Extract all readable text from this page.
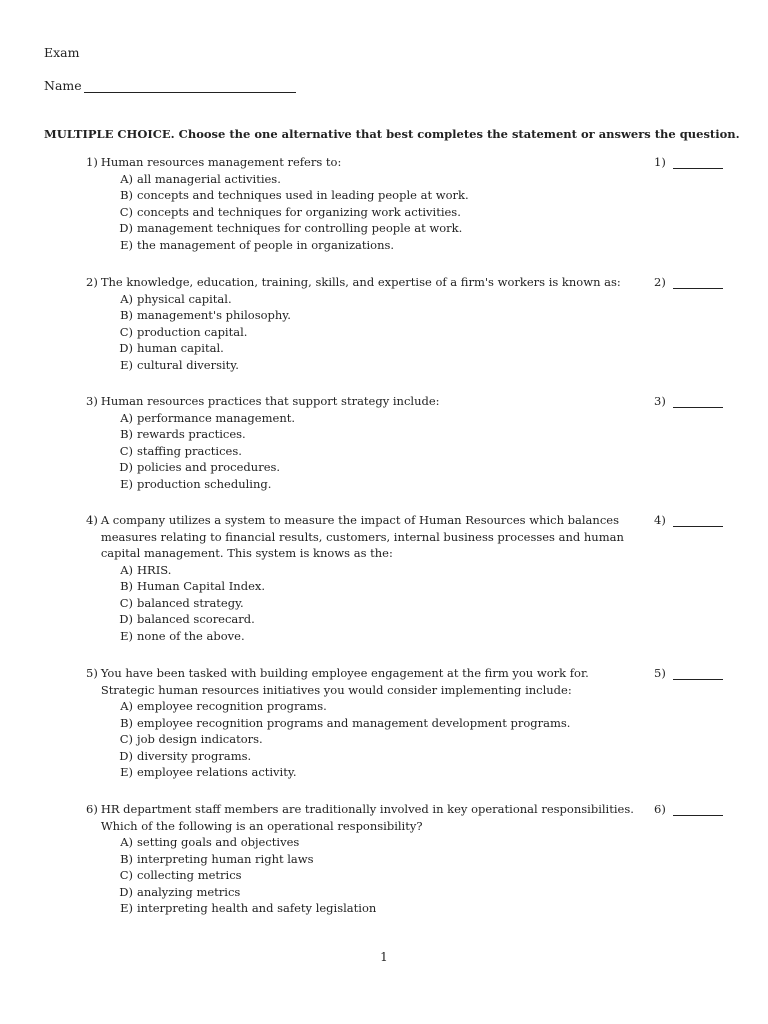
Exam
Name
MULTIPLE CHOICE. Choose the one alternative that best completes the statement or answers the question.
1) Human resources management refers to:
A) all managerial activities.
B) concepts and techniques used in leading people at work.
C) concepts and techniques for organizing work activities.
D) management techniques for controlling people at work.
E) the management of people in organizations.
1)
2) The knowledge, education, training, skills, and expertise of a firm's workers is known as:
A) physical capital.
B) management's philosophy.
C) production capital.
D) human capital.
E) cultural diversity.
2)
3) Human resources practices that support strategy include:
A) performance management.
B) rewards practices.
C) staffing practices.
D) policies and procedures.
E) production scheduling.
3)
4) A company utilizes a system to measure the impact of Human Resources which balances measures relating to financial results, customers, internal business processes and human capital management. This system is knows as the:
A) HRIS.
B) Human Capital Index.
C) balanced strategy.
D) balanced scorecard.
E) none of the above.
4)
5) You have been tasked with building employee engagement at the firm you work for. Strategic human resources initiatives you would consider implementing include:
A) employee recognition programs.
B) employee recognition programs and management development programs.
C) job design indicators.
D) diversity programs.
E) employee relations activity.
5)
6) HR department staff members are traditionally involved in key operational responsibilities. Which of the following is an operational responsibility?
A) setting goals and objectives
B) interpreting human right laws
C) collecting metrics
D) analyzing metrics
E) interpreting health and safety legislation
6)
1
